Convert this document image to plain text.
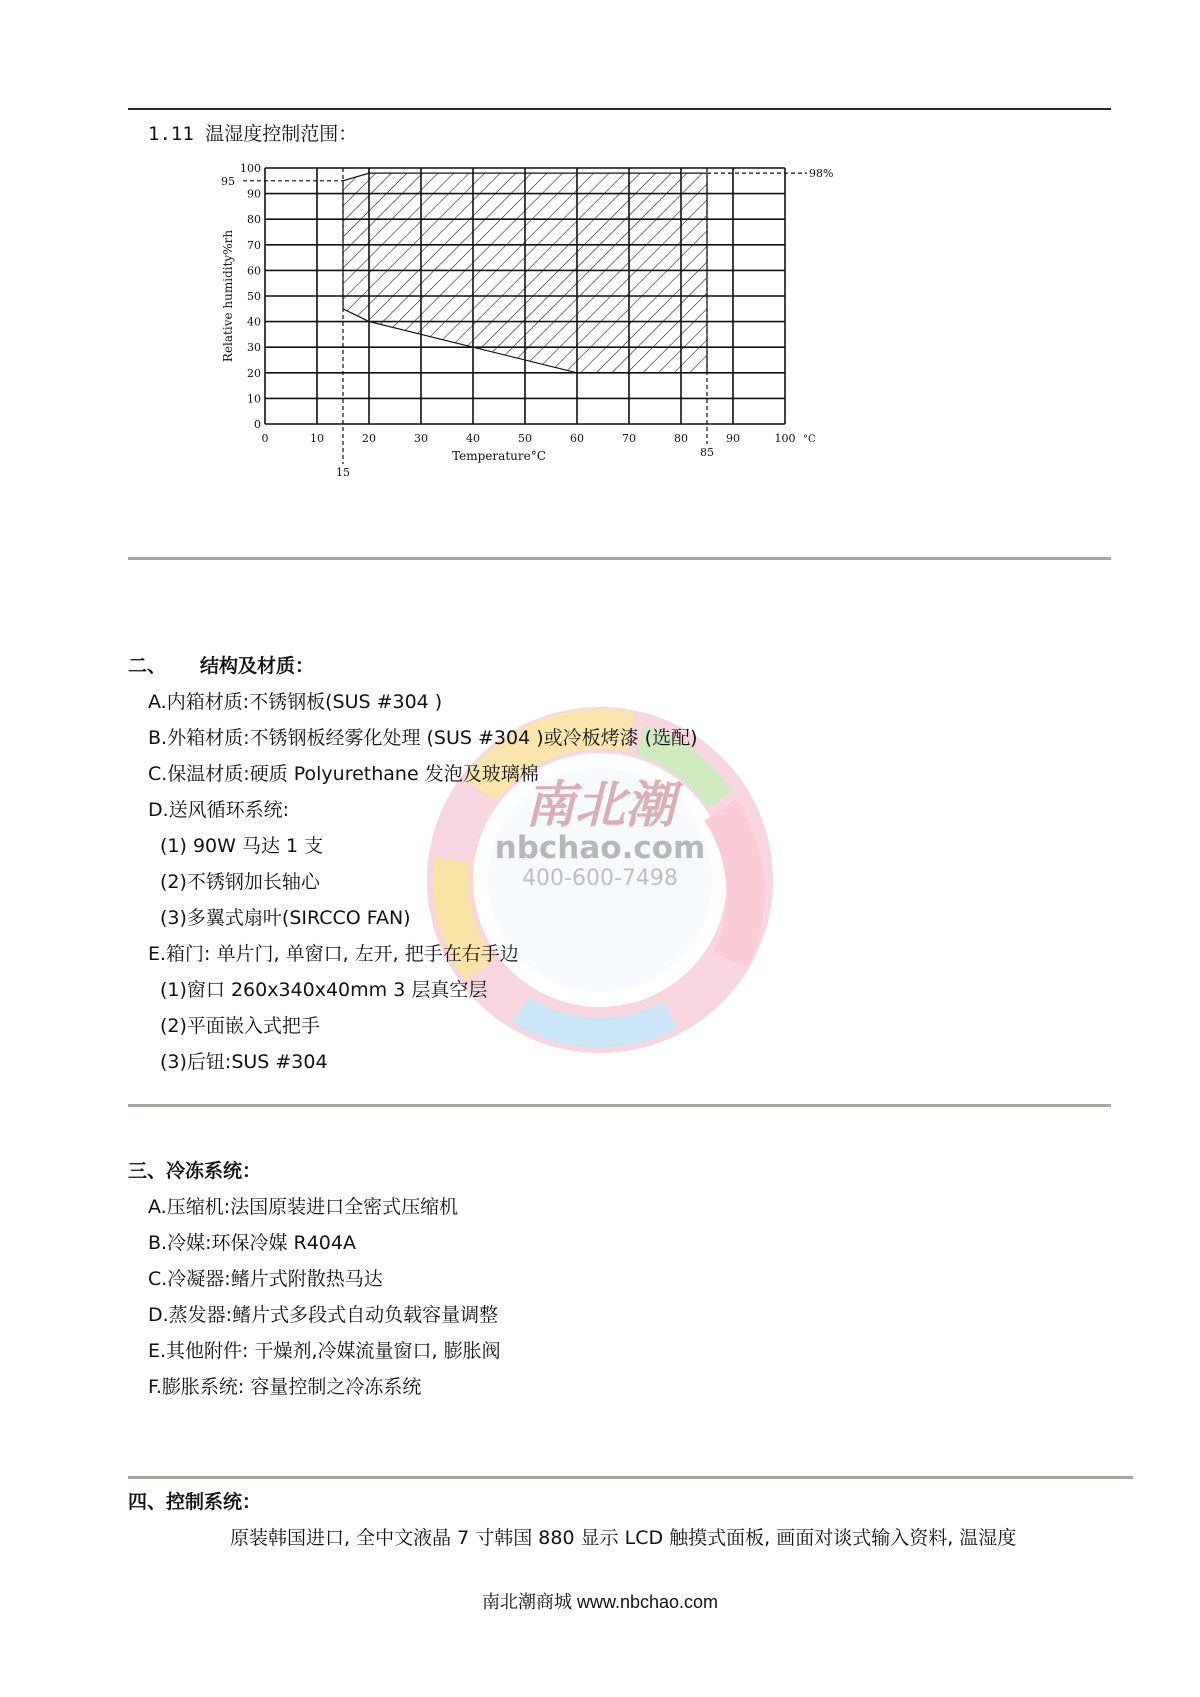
1.11 温湿度控制范围：
0	10	20	30	40	50	60	70	80	90	100 °C
0
10
20
30
40
50
60
70
80
90
100
95
98%
15
85
Temperature°C
Relative humidity%rh
南北潮
nbchao.com
400-600-7498
二、 结构及材质：
A.内箱材质:不锈钢板(SUS #304 )
B.外箱材质:不锈钢板经雾化处理 (SUS #304 )或冷板烤漆 (选配)
C.保温材质:硬质 Polyurethane 发泡及玻璃棉
D.送风循环系统:
(1) 90W 马达 1 支
(2)不锈钢加长轴心
(3)多翼式扇叶(SIRCCO FAN)
E.箱门: 单片门, 单窗口, 左开, 把手在右手边
(1)窗口 260x340x40mm 3 层真空层
(2)平面嵌入式把手
(3)后钮:SUS #304
三、冷冻系统：
A.压缩机:法国原装进口全密式压缩机
B.冷媒:环保冷媒 R404A
C.冷凝器:鳍片式附散热马达
D.蒸发器:鳍片式多段式自动负载容量调整
E.其他附件: 干燥剂,冷媒流量窗口, 膨胀阀
F.膨胀系统: 容量控制之冷冻系统
四、控制系统：
原装韩国进口, 全中文液晶 7 寸韩国 880 显示 LCD 触摸式面板, 画面对谈式输入资料, 温湿度
南北潮商城 www.nbchao.com
